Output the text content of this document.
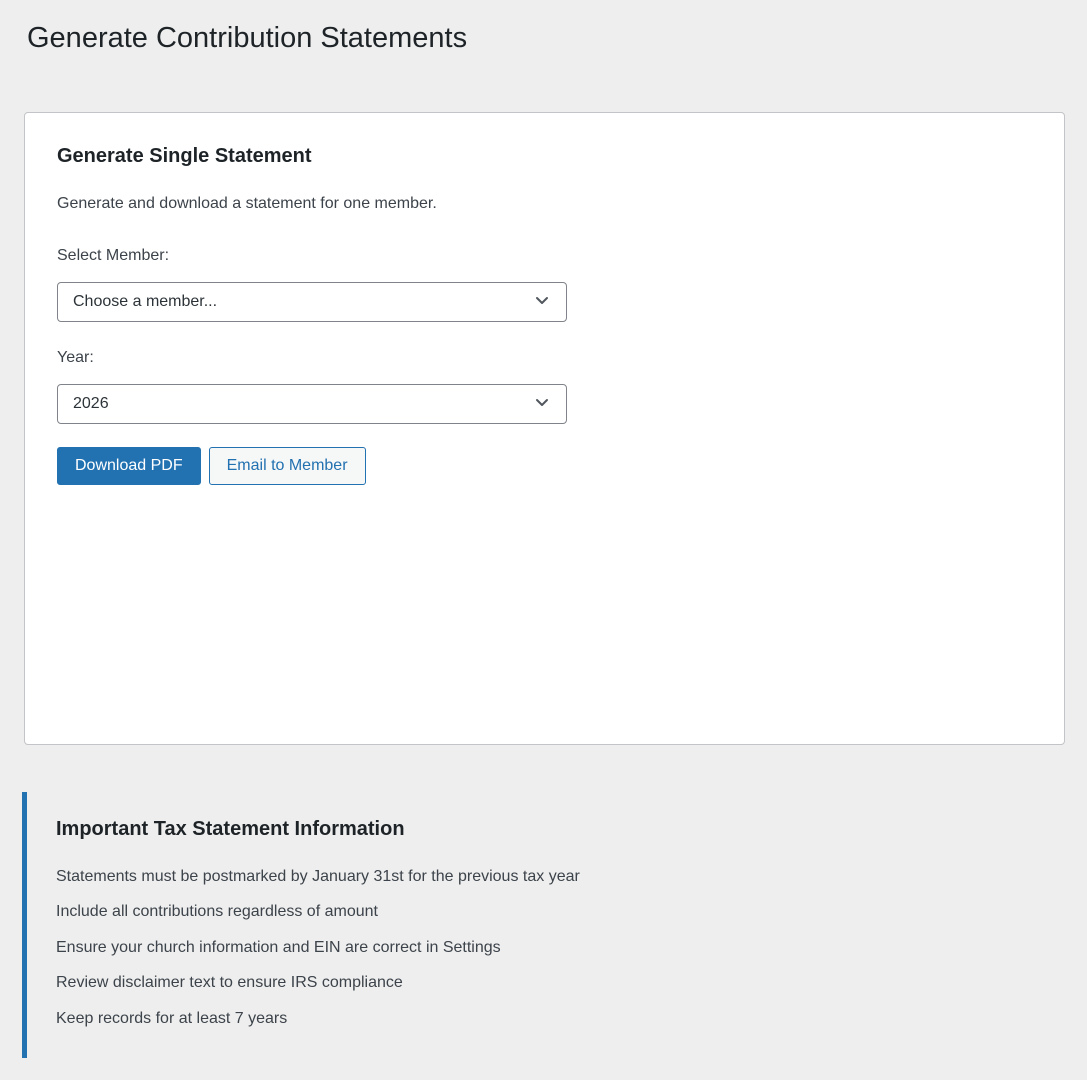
Generate Contribution Statements
Generate Single Statement

Generate and download a statement for one member.

Select Member:
Choose a member...
Year:
2026
Download PDF	Email to Member
Important Tax Statement Information

Statements must be postmarked by January 31st for the previous tax year

Include all contributions regardless of amount

Ensure your church information and EIN are correct in Settings

Review disclaimer text to ensure IRS compliance

Keep records for at least 7 years
